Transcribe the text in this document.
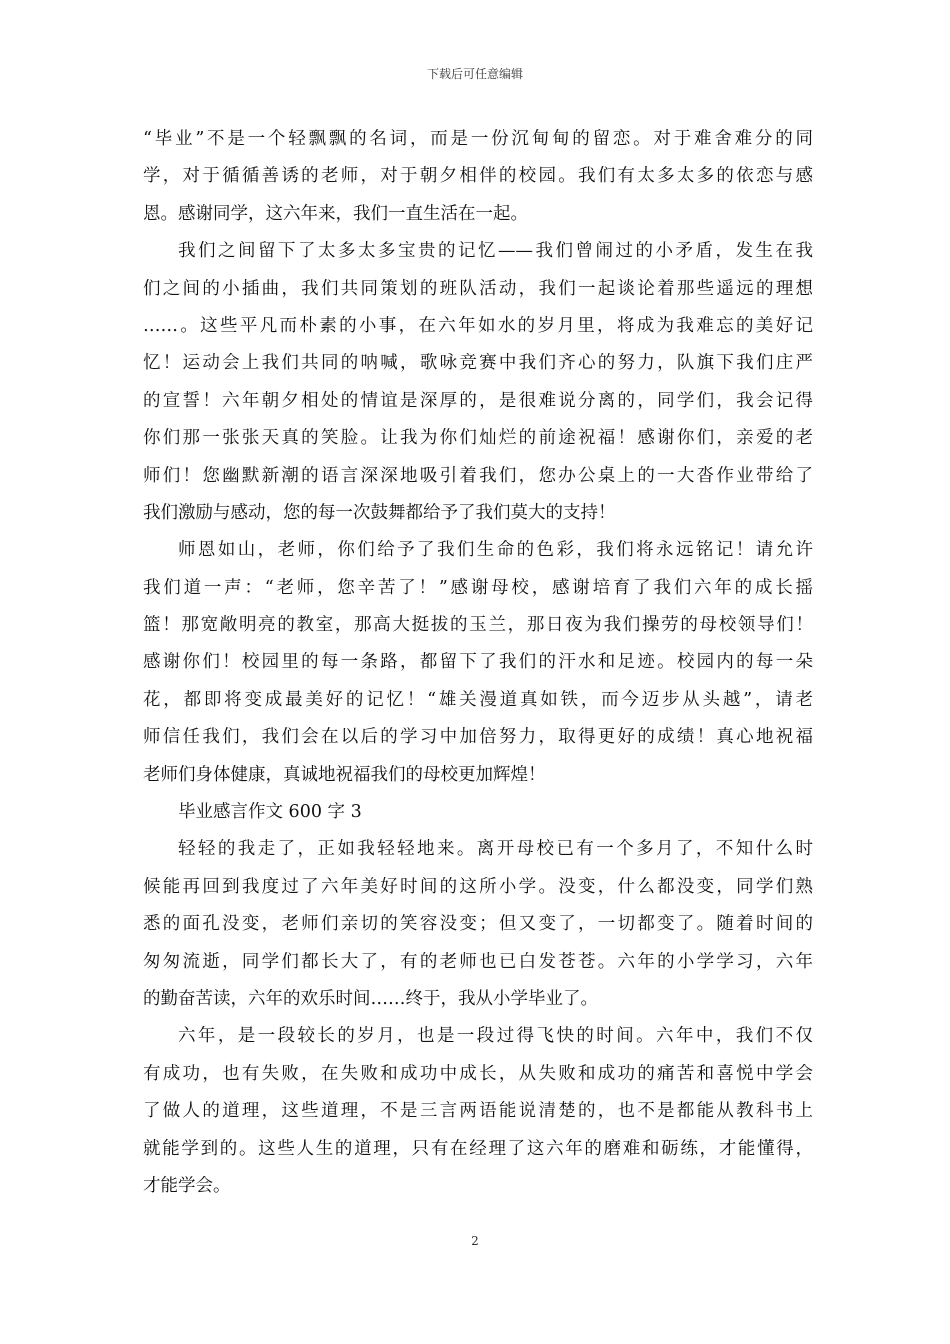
下载后可任意编辑
“毕业”不是一个轻飘飘的名词，而是一份沉甸甸的留恋。对于难舍难分的同
学，对于循循善诱的老师，对于朝夕相伴的校园。我们有太多太多的依恋与感
恩。感谢同学，这六年来，我们一直生活在一起。
我们之间留下了太多太多宝贵的记忆——我们曾闹过的小矛盾，发生在我
们之间的小插曲，我们共同策划的班队活动，我们一起谈论着那些遥远的理想
……。这些平凡而朴素的小事，在六年如水的岁月里，将成为我难忘的美好记
忆！运动会上我们共同的呐喊，歌咏竞赛中我们齐心的努力，队旗下我们庄严
的宣誓！六年朝夕相处的情谊是深厚的，是很难说分离的，同学们，我会记得
你们那一张张天真的笑脸。让我为你们灿烂的前途祝福！感谢你们，亲爱的老
师们！您幽默新潮的语言深深地吸引着我们，您办公桌上的一大沓作业带给了
我们激励与感动，您的每一次鼓舞都给予了我们莫大的支持！
师恩如山，老师，你们给予了我们生命的色彩，我们将永远铭记！请允许
我们道一声：“老师，您辛苦了！”感谢母校，感谢培育了我们六年的成长摇
篮！那宽敞明亮的教室，那高大挺拔的玉兰，那日夜为我们操劳的母校领导们！
感谢你们！校园里的每一条路，都留下了我们的汗水和足迹。校园内的每一朵
花，都即将变成最美好的记忆！“雄关漫道真如铁，而今迈步从头越”，请老
师信任我们，我们会在以后的学习中加倍努力，取得更好的成绩！真心地祝福
老师们身体健康，真诚地祝福我们的母校更加辉煌！
毕业感言作文 600 字 3
轻轻的我走了，正如我轻轻地来。离开母校已有一个多月了，不知什么时
候能再回到我度过了六年美好时间的这所小学。没变，什么都没变，同学们熟
悉的面孔没变，老师们亲切的笑容没变；但又变了，一切都变了。随着时间的
匆匆流逝，同学们都长大了，有的老师也已白发苍苍。六年的小学学习，六年
的勤奋苦读，六年的欢乐时间……终于，我从小学毕业了。
六年，是一段较长的岁月，也是一段过得飞快的时间。六年中，我们不仅
有成功，也有失败，在失败和成功中成长，从失败和成功的痛苦和喜悦中学会
了做人的道理，这些道理，不是三言两语能说清楚的，也不是都能从教科书上
就能学到的。这些人生的道理，只有在经理了这六年的磨难和砺练，才能懂得，
才能学会。
2
